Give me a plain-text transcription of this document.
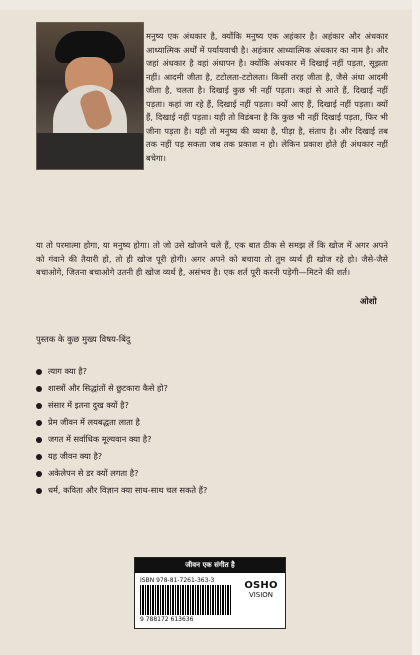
मनुष्य एक अंधकार है, क्योंकि मनुष्य एक अहंकार है। अहंकार और अंधकार आध्यात्मिक अर्थों में पर्यायवाची है। अहंकार आध्यात्मिक अंधकार का नाम है। और जहां अंधकार है वहां अंधापन है। क्योंकि अंधकार में दिखाई नहीं पड़ता, सूझता नहीं। आदमी जीता है, टटोलता-टटोलता। किसी तरह जीता है, जैसे अंधा आदमी जीता है, चलता है। दिखाई कुछ भी नहीं पड़ता। कहां से आते हैं, दिखाई नहीं पड़ता। कहां जा रहे हैं, दिखाई नहीं पड़ता। क्यों आए हैं, दिखाई नहीं पड़ता। क्यों हैं, दिखाई नहीं पड़ता। यही तो विडंबना है कि कुछ भी नहीं दिखाई पड़ता, फिर भी जीना पड़ता है। यही तो मनुष्य की व्यथा है, पीड़ा है, संताप है। और दिखाई तब तक नहीं पड़ सकता जब तक प्रकाश न हो। लेकिन प्रकाश होते ही अंधकार नहीं बचेगा।
या तो परमात्मा होगा, या मनुष्य होगा। तो जो उसे खोजने चले हैं, एक बात ठीक से समझ लें कि खोज में अगर अपने को गंवाने की तैयारी हो, तो ही खोज पूरी होगी। अगर अपने को बचाया तो तुम व्यर्थ ही खोज रहे हो। जैसे-जैसे बचाओगे, जितना बचाओगे उतनी ही खोज व्यर्थ है, असंभव है। एक शर्त पूरी करनी पड़ेगी—मिटने की शर्त।
ओशो
पुस्तक के कुछ मुख्य विषय-बिंदु
त्याग क्या है?
शास्त्रों और सिद्धांतों से छुटकारा कैसे हो?
संसार में इतना दुख क्यों है?
प्रेम जीवन में लयबद्धता लाता है
जगत में सर्वाधिक मूल्यवान क्या है?
यह जीवन क्या है?
अकेलेपन से डर क्यों लगता है?
धर्म, कविता और विज्ञान क्या साथ-साथ चल सकते हैं?
जीवन एक संगीत है
ISBN 978-81-7261-363-3
9 788172 613636
OSHO
VISION
